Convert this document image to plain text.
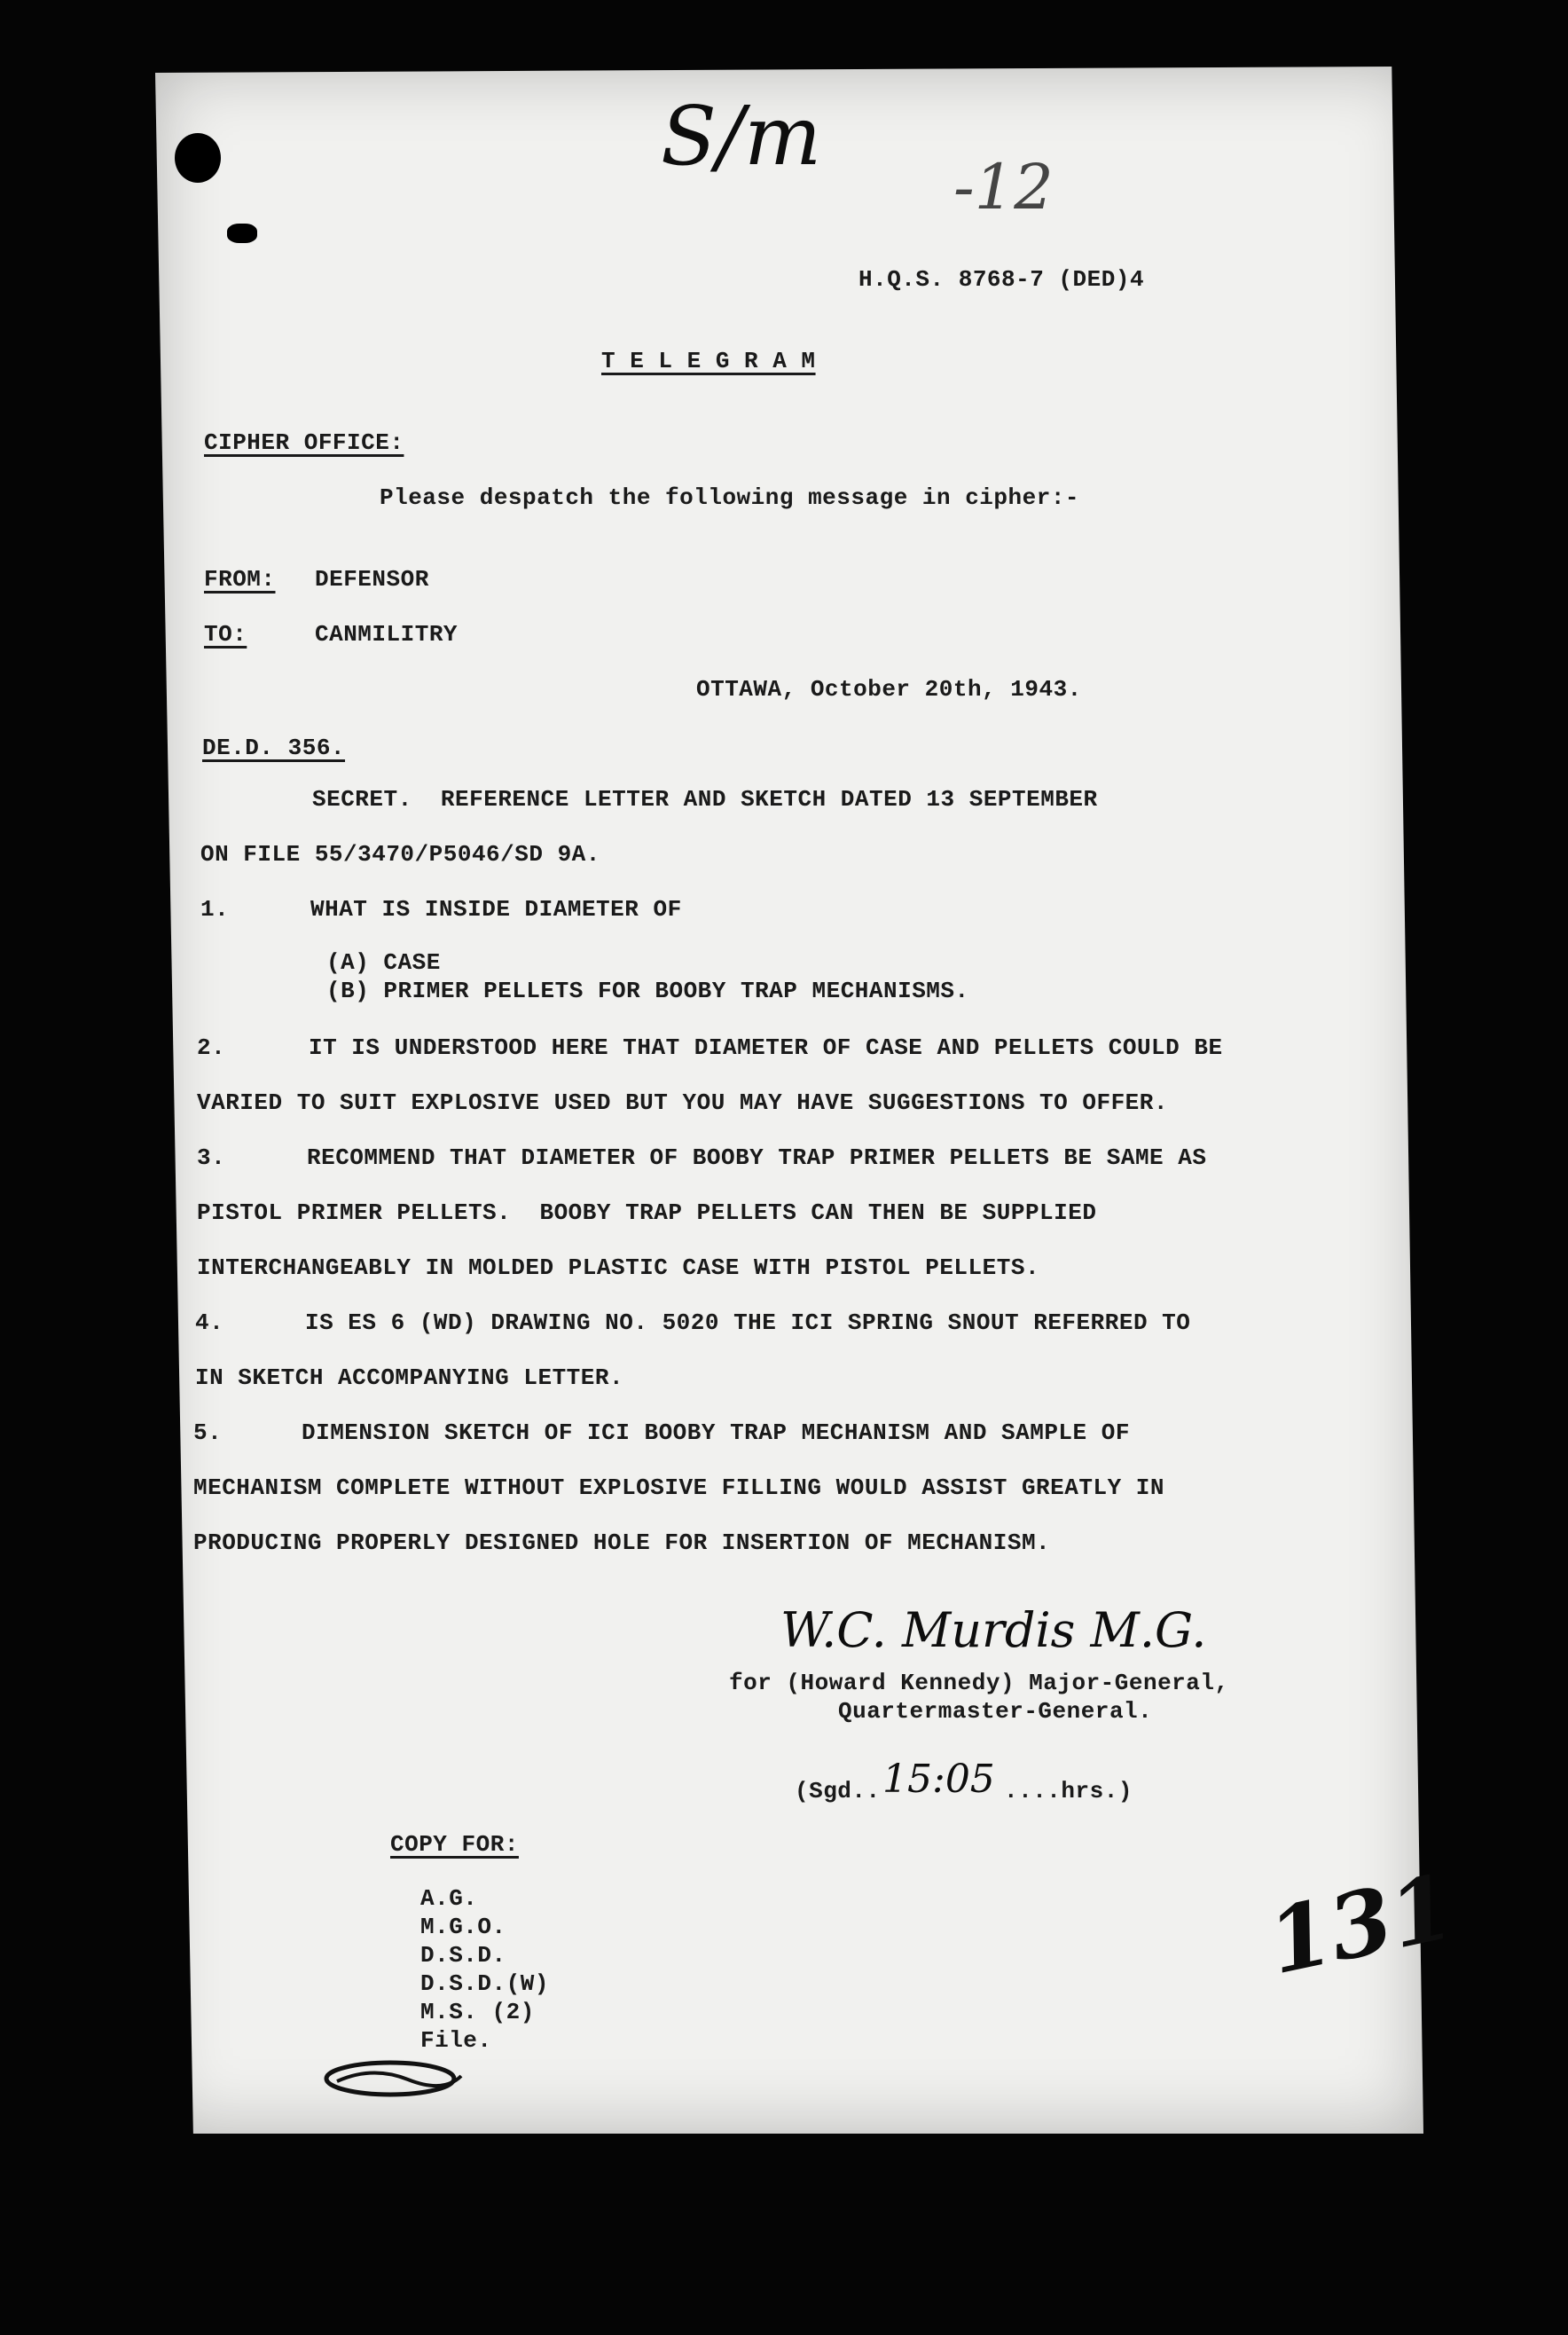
S/m
-12
H.Q.S. 8768-7 (DED)4
T E L E G R A M
CIPHER OFFICE:
Please despatch the following message in cipher:-
FROM: DEFENSOR
TO:	CANMILITRY
OTTAWA, October 20th, 1943.
DE.D. 356.
SECRET.  REFERENCE LETTER AND SKETCH DATED 13 SEPTEMBER
ON FILE 55/3470/P5046/SD 9A.
1.	WHAT IS INSIDE DIAMETER OF
(A) CASE
(B) PRIMER PELLETS FOR BOOBY TRAP MECHANISMS.
2.	IT IS UNDERSTOOD HERE THAT DIAMETER OF CASE AND PELLETS COULD BE
VARIED TO SUIT EXPLOSIVE USED BUT YOU MAY HAVE SUGGESTIONS TO OFFER.
3.	RECOMMEND THAT DIAMETER OF BOOBY TRAP PRIMER PELLETS BE SAME AS
PISTOL PRIMER PELLETS.  BOOBY TRAP PELLETS CAN THEN BE SUPPLIED
INTERCHANGEABLY IN MOLDED PLASTIC CASE WITH PISTOL PELLETS.
4.	IS ES 6 (WD) DRAWING NO. 5020 THE ICI SPRING SNOUT REFERRED TO
IN SKETCH ACCOMPANYING LETTER.
5.	DIMENSION SKETCH OF ICI BOOBY TRAP MECHANISM AND SAMPLE OF
MECHANISM COMPLETE WITHOUT EXPLOSIVE FILLING WOULD ASSIST GREATLY IN
PRODUCING PROPERLY DESIGNED HOLE FOR INSERTION OF MECHANISM.
W.C. Murdis M.G.
for (Howard Kennedy) Major-General,
Quartermaster-General.
(Sgd.. 15:05 ....hrs.)
COPY FOR:
A.G.
M.G.O.
D.S.D.
D.S.D.(W)
M.S. (2)
File.
131
